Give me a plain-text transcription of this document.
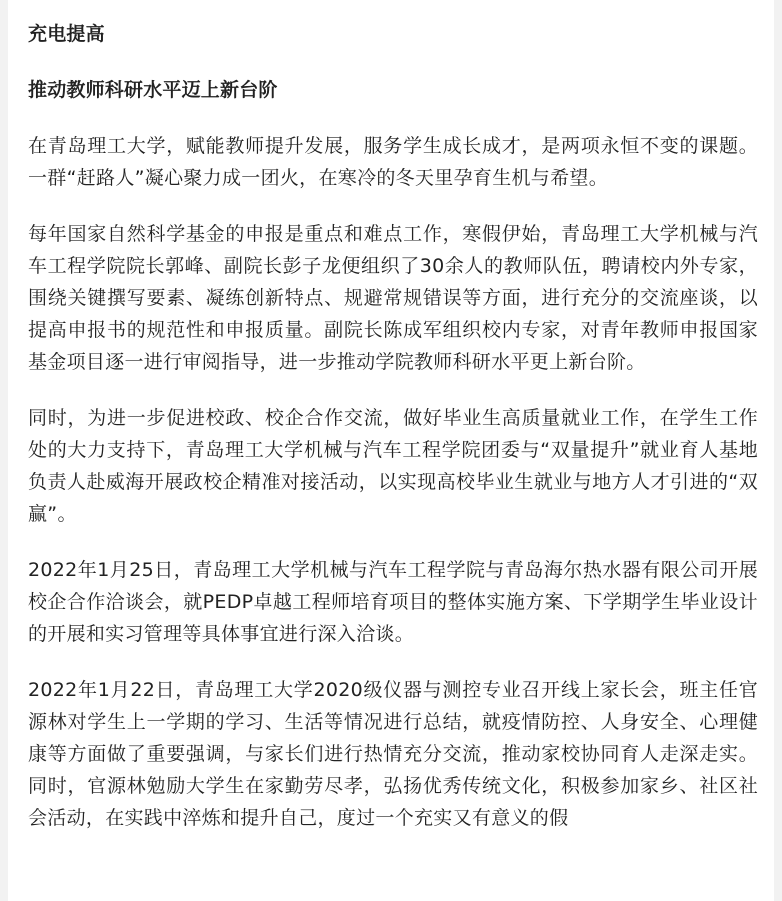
充电提高
推动教师科研水平迈上新台阶

在青岛理工大学，赋能教师提升发展，服务学生成长成才，是两项永恒不变的课题。一群“赶路人”凝心聚力成一团火，在寒冷的冬天里孕育生机与希望。

每年国家自然科学基金的申报是重点和难点工作，寒假伊始，青岛理工大学机械与汽车工程学院院长郭峰、副院长彭子龙便组织了30余人的教师队伍，聘请校内外专家，围绕关键撰写要素、凝练创新特点、规避常规错误等方面，进行充分的交流座谈，以提高申报书的规范性和申报质量。副院长陈成军组织校内专家，对青年教师申报国家基金项目逐一进行审阅指导，进一步推动学院教师科研水平更上新台阶。

同时，为进一步促进校政、校企合作交流，做好毕业生高质量就业工作，在学生工作处的大力支持下，青岛理工大学机械与汽车工程学院团委与“双量提升”就业育人基地负责人赴威海开展政校企精准对接活动，以实现高校毕业生就业与地方人才引进的“双赢”。

2022年1月25日，青岛理工大学机械与汽车工程学院与青岛海尔热水器有限公司开展校企合作洽谈会，就PEDP卓越工程师培育项目的整体实施方案、下学期学生毕业设计的开展和实习管理等具体事宜进行深入洽谈。

2022年1月22日，青岛理工大学2020级仪器与测控专业召开线上家长会，班主任官源林对学生上一学期的学习、生活等情况进行总结，就疫情防控、人身安全、心理健康等方面做了重要强调，与家长们进行热情充分交流，推动家校协同育人走深走实。同时，官源林勉励大学生在家勤劳尽孝，弘扬优秀传统文化，积极参加家乡、社区社会活动，在实践中淬炼和提升自己，度过一个充实又有意义的假
